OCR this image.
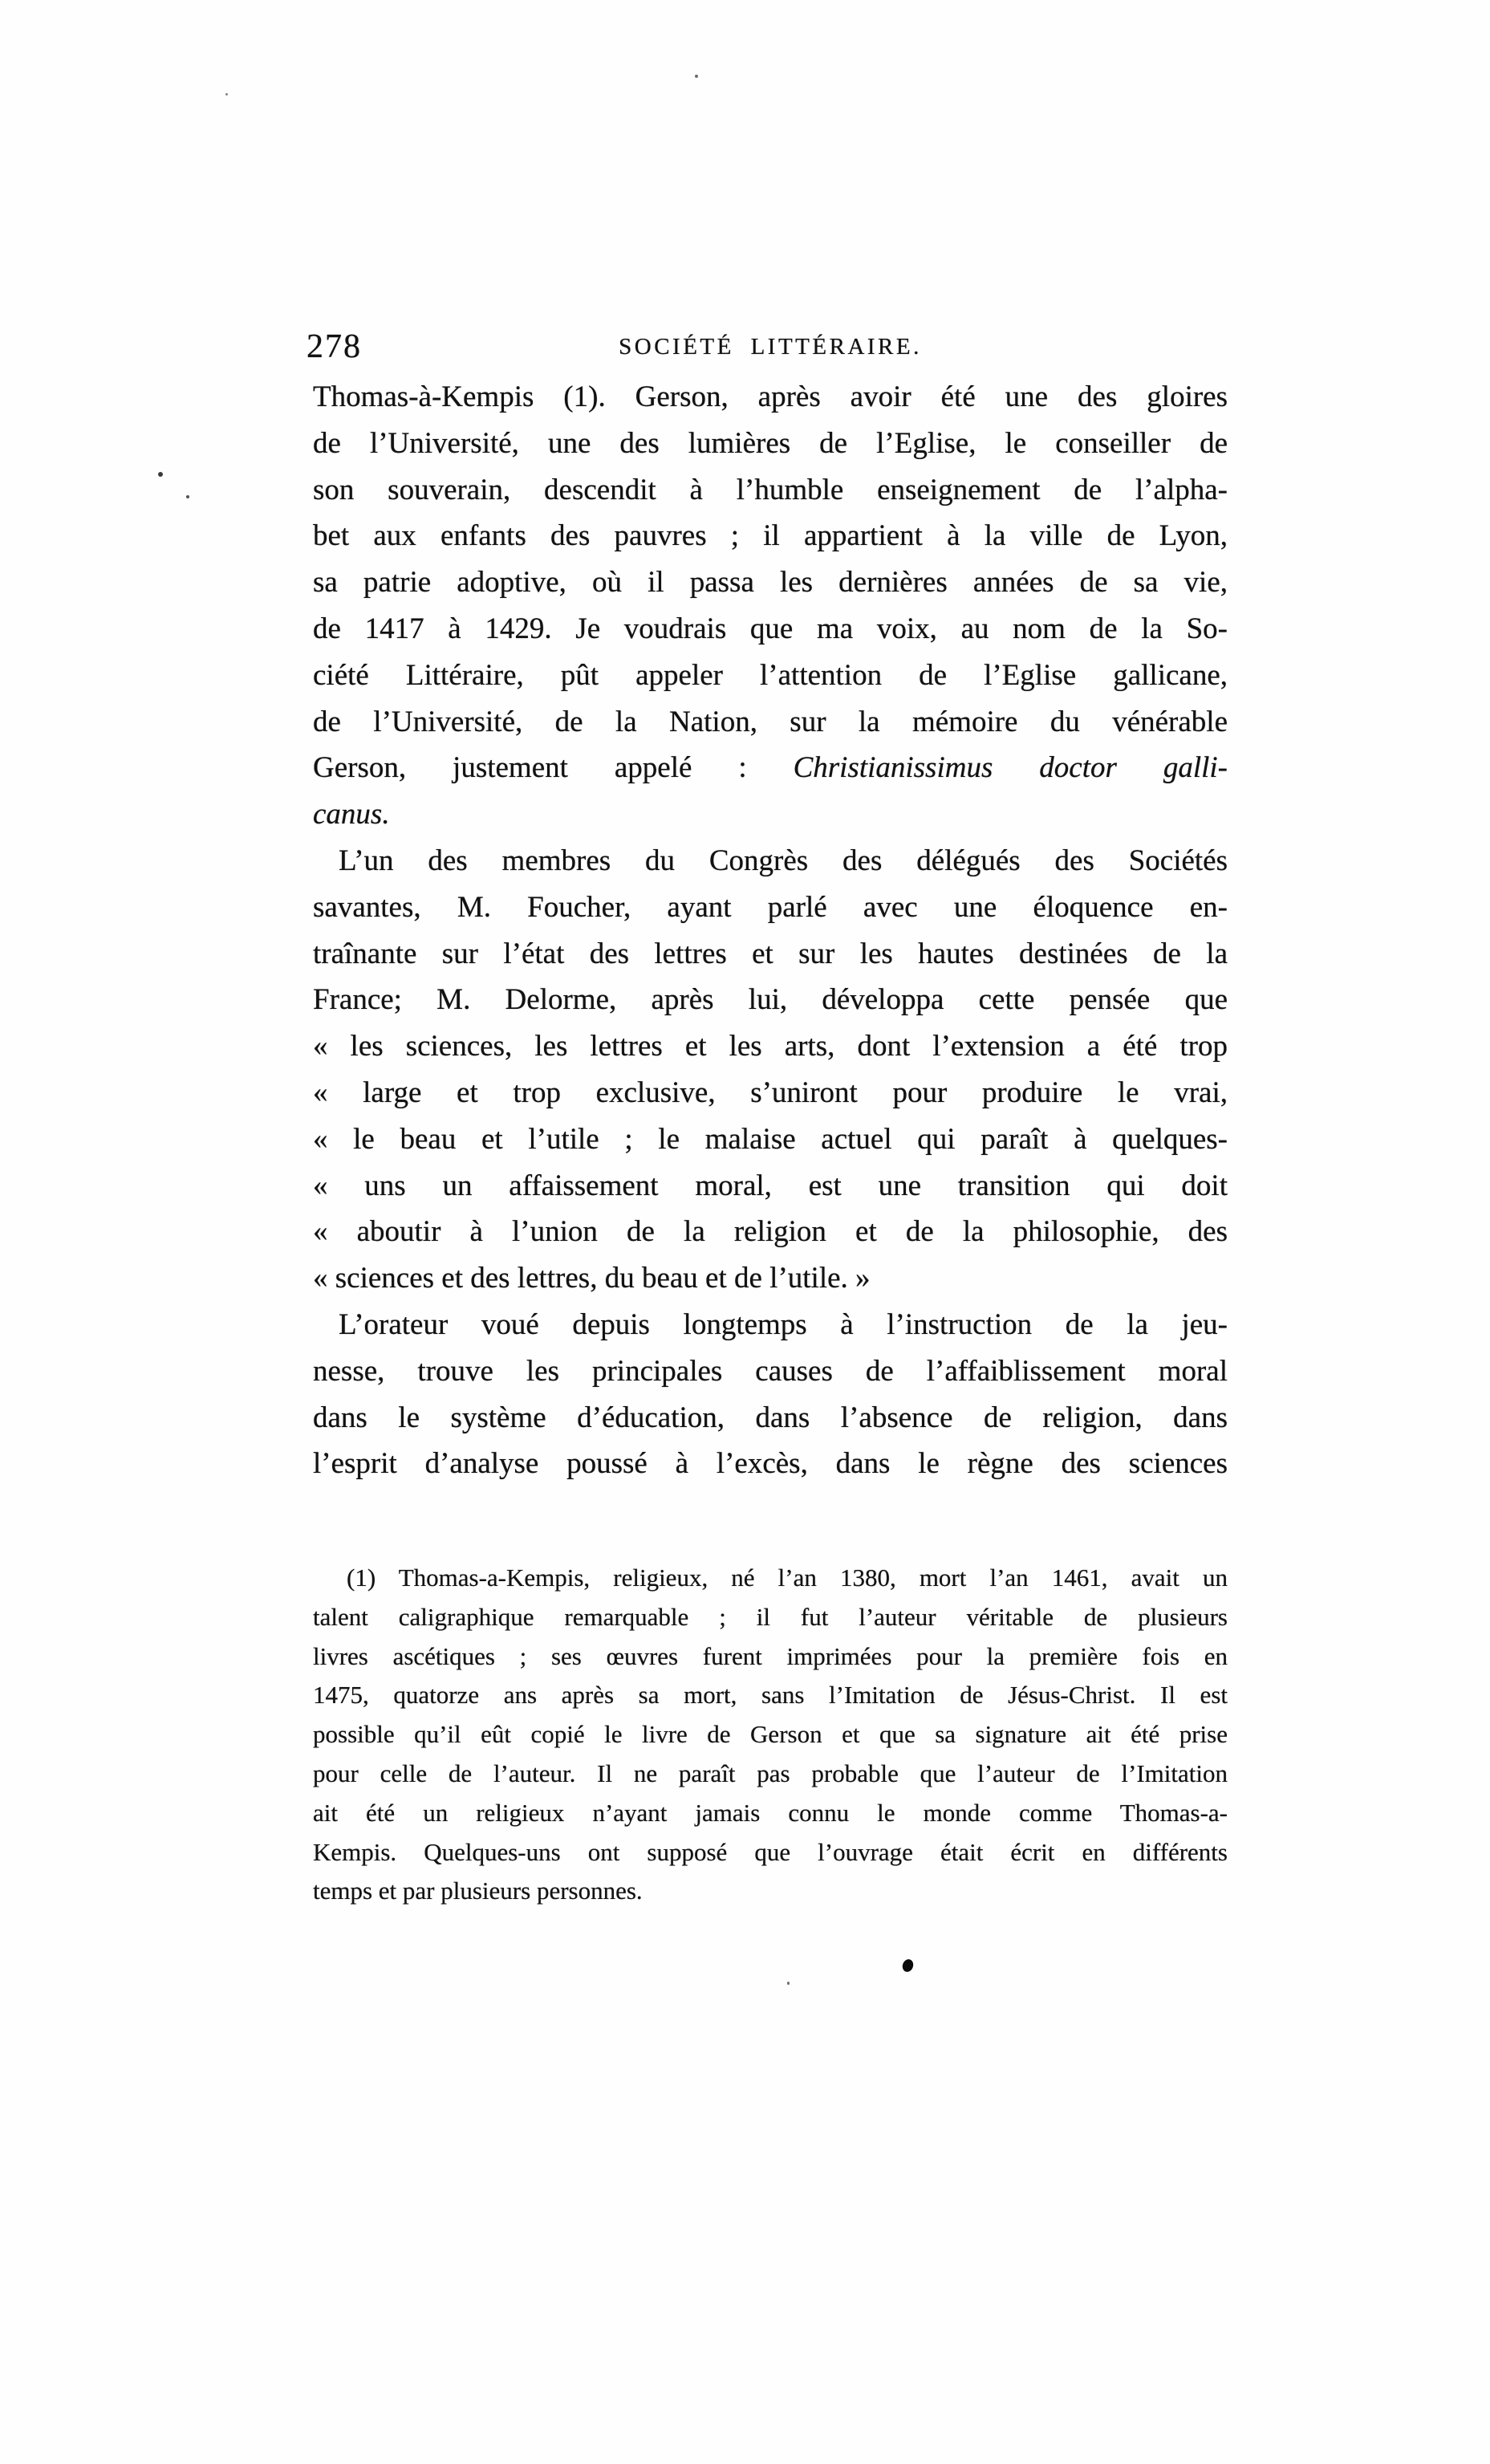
278	SOCIÉTÉ LITTÉRAIRE.
Thomas-à-Kempis (1). Gerson, après avoir été une des gloires
de l’Université, une des lumières de l’Eglise, le conseiller de
son souverain, descendit à l’humble enseignement de l’alpha-
bet aux enfants des pauvres ; il appartient à la ville de Lyon,
sa patrie adoptive, où il passa les dernières années de sa vie,
de 1417 à 1429. Je voudrais que ma voix, au nom de la So-
ciété Littéraire, pût appeler l’attention de l’Eglise gallicane,
de l’Université, de la Nation, sur la mémoire du vénérable
Gerson, justement appelé : Christianissimus doctor galli-
canus.
L’un des membres du Congrès des délégués des Sociétés
savantes, M. Foucher, ayant parlé avec une éloquence en-
traînante sur l’état des lettres et sur les hautes destinées de la
France; M. Delorme, après lui, développa cette pensée que
« les sciences, les lettres et les arts, dont l’extension a été trop
« large et trop exclusive, s’uniront pour produire le vrai,
« le beau et l’utile ; le malaise actuel qui paraît à quelques-
« uns un affaissement moral, est une transition qui doit
« aboutir à l’union de la religion et de la philosophie, des
« sciences et des lettres, du beau et de l’utile. »
L’orateur voué depuis longtemps à l’instruction de la jeu-
nesse, trouve les principales causes de l’affaiblissement moral
dans le système d’éducation, dans l’absence de religion, dans
l’esprit d’analyse poussé à l’excès, dans le règne des sciences
(1) Thomas-a-Kempis, religieux, né l’an 1380, mort l’an 1461, avait un
talent caligraphique remarquable ; il fut l’auteur véritable de plusieurs
livres ascétiques ; ses œuvres furent imprimées pour la première fois en
1475, quatorze ans après sa mort, sans l’Imitation de Jésus-Christ. Il est
possible qu’il eût copié le livre de Gerson et que sa signature ait été prise
pour celle de l’auteur. Il ne paraît pas probable que l’auteur de l’Imitation
ait été un religieux n’ayant jamais connu le monde comme Thomas-a-
Kempis. Quelques-uns ont supposé que l’ouvrage était écrit en différents
temps et par plusieurs personnes.
